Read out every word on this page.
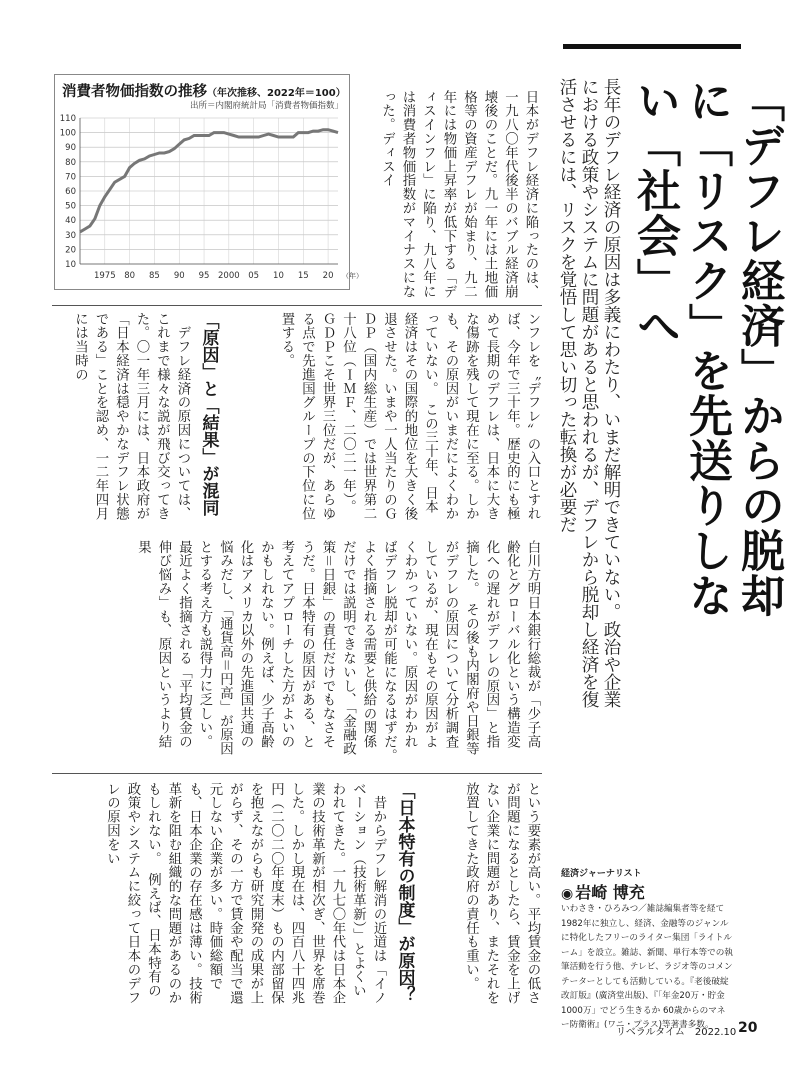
「デフレ経済」からの脱却に「リスク」を先送りしない「社会」へ
長年のデフレ経済の原因は多義にわたり、いまだ解明できていない。政治や企業における政策やシステムに問題があると思われるが、デフレから脱却し経済を復活させるには、リスクを覚悟して思い切った転換が必要だ
消費者物価指数の推移（年次推移、2022年＝100）
出所＝内閣府統計局「消費者物価指数」
10
20
30
40
50
60
70
80
90
100
110
1975 80 85 90 95 2000 05 10 15 20 （年）	日本がデフレ経済に陥ったのは、一九八〇年代後半のバブル経済崩壊後のことだ。九一年には土地価格等の資産デフレが始まり、九二年には物価上昇率が低下する「ディスインフレ」に陥り、九八年には消費者物価指数がマイナスになった。ディスイ
ンフレを〝デフレ〟の入口とすれば、今年で三十年。歴史的にも極めて長期のデフレは、日本に大きな傷跡を残して現在に至る。しかも、その原因がいまだによくわかっていない。　この三十年、日本経済はその国際的地位を大きく後退させた。いまや一人当たりのＧＤＰ（国内総生産）では世界第二十八位（ＩＭＦ、二〇二一年）。ＧＤＰこそ世界三位だが、あらゆる点で先進国グループの下位に位置する。
「原因」と「結果」が混同
　デフレ経済の原因については、これまで様々な説が飛び交ってきた。〇一年三月には、日本政府が「日本経済は穏やかなデフレ状態である」ことを認め、一二年四月には当時の
白川方明日本銀行総裁が「少子高齢化とグローバル化という構造変化への遅れがデフレの原因」と指摘した。　その後も内閣府や日銀等がデフレの原因について分析調査しているが、現在もその原因がよくわかっていない。原因がわかればデフレ脱却が可能になるはずだ。　よく指摘される需要と供給の関係だけでは説明できないし、「金融政策＝日銀」の責任だけでもなさそうだ。日本特有の原因がある、と考えてアプローチした方がよいのかもしれない。例えば、少子高齢化はアメリカ以外の先進国共通の悩みだし、「通貨高＝円高」が原因とする考え方も説得力に乏しい。　最近よく指摘される「平均賃金の伸び悩み」も、原因というより結果
という要素が高い。平均賃金の低さが問題になるとしたら、賃金を上げない企業に問題があり、またそれを放置してきた政府の責任も重い。
「日本特有の制度」が原因？
　昔からデフレ解消の近道は「イノベーション（技術革新）」とよくいわれてきた。一九七〇年代は日本企業の技術革新が相次ぎ、世界を席巻した。しかし現在は、四百八十四兆円（二〇二〇年度末）もの内部留保を抱えながらも研究開発の成果が上がらず、その一方で賃金や配当で還元しない企業が多い。時価総額でも、日本企業の存在感は薄い。技術革新を阻む組織的な問題があるのかもしれない。　例えば、日本特有の政策やシステムに絞って日本のデフレの原因をい
経済ジャーナリスト
◉ 岩崎 博充
いわさき・ひろみつ／雑誌編集者等を経て1982年に独立し、経済、金融等のジャンルに特化したフリーのライター集団「ライトルーム」を設立。雑誌、新聞、単行本等での執筆活動を行う他、テレビ、ラジオ等のコメンテーターとしても活動している。『老後破綻 改訂版』(廣済堂出版)、『「年金20万・貯金1000万」でどう生きるか 60歳からのマネー防衛術』(ワニ・プラス)等著書多数。
リベラルタイム　 2022.10 20
